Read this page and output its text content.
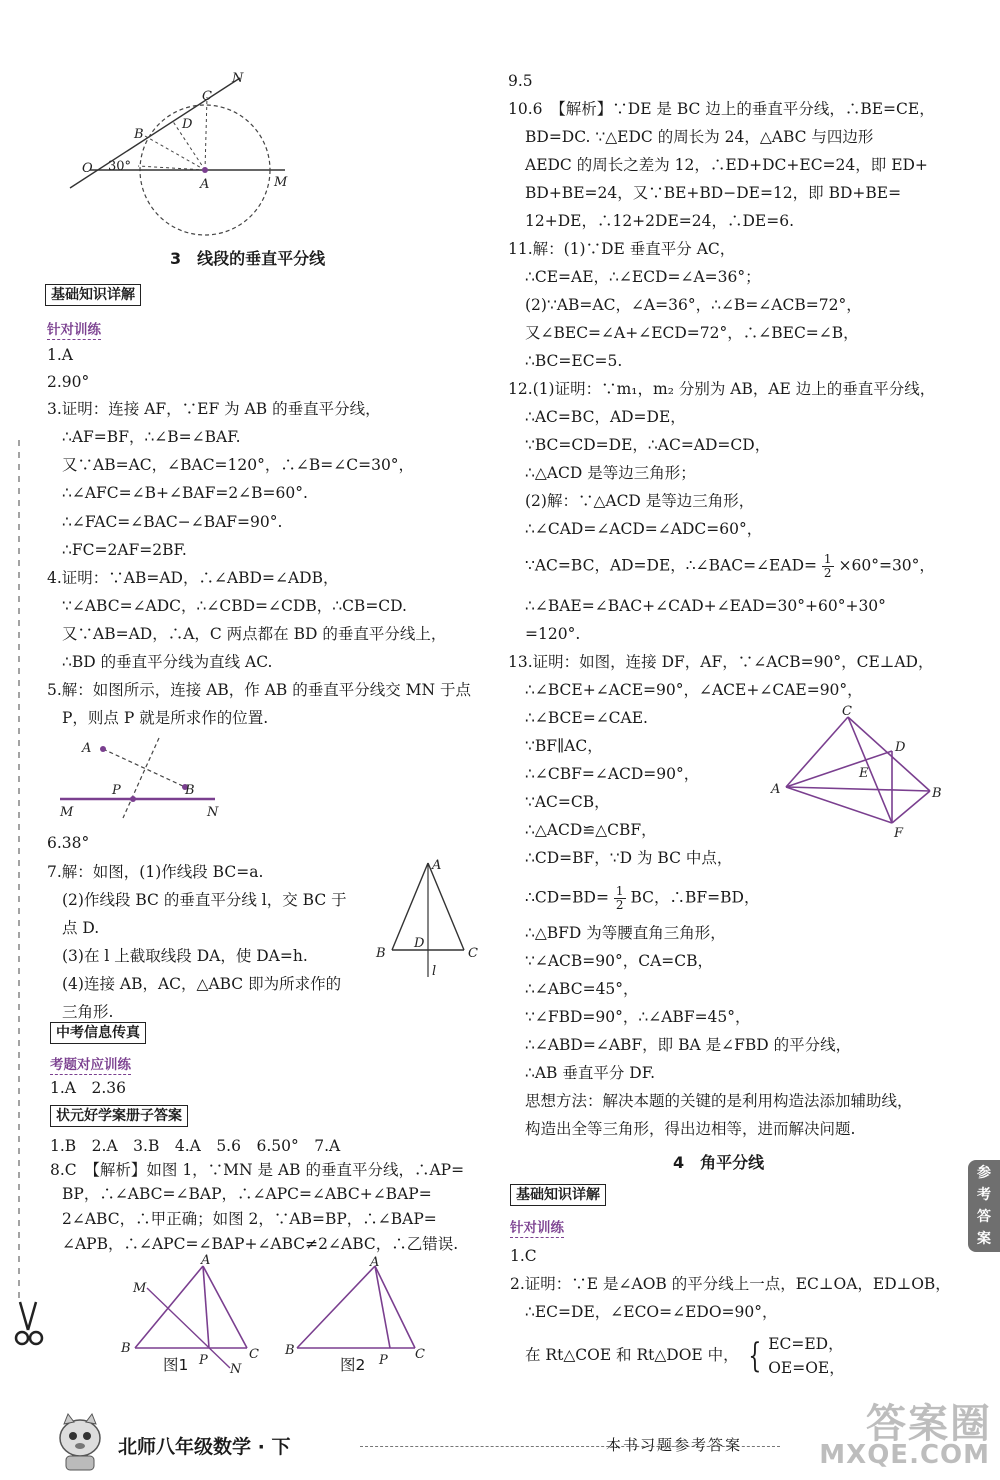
C
N
B
D
O 30°
A	M
3　线段的垂直平分线
基础知识详解
针对训练
1.A
2.90°
3.证明：连接 AF，∵EF 为 AB 的垂直平分线，
∴AF=BF，∴∠B=∠BAF.
又∵AB=AC，∠BAC=120°，∴∠B=∠C=30°，
∴∠AFC=∠B+∠BAF=2∠B=60°.
∴∠FAC=∠BAC−∠BAF=90°.
∴FC=2AF=2BF.
4.证明：∵AB=AD，∴∠ABD=∠ADB，
∵∠ABC=∠ADC，∴∠CBD=∠CDB，∴CB=CD.
又∵AB=AD，∴A，C 两点都在 BD 的垂直平分线上，
∴BD 的垂直平分线为直线 AC.
5.解：如图所示，连接 AB，作 AB 的垂直平分线交 MN 于点
P，则点 P 就是所求作的位置.
A
B
P
M	N
6.38°
7.解：如图，(1)作线段 BC=a.
(2)作线段 BC 的垂直平分线 l，交 BC 于
点 D.
(3)在 l 上截取线段 DA，使 DA=h.
(4)连接 AB，AC，△ABC 即为所求作的
三角形.
A
B	C
D
l
中考信息传真
考题对应训练
1.A　2.36
状元好学案册子答案
1.B　2.A　3.B　4.A　5.6　6.50°　7.A
8.C　【解析】如图 1，∵MN 是 AB 的垂直平分线，∴AP=
BP，∴∠ABC=∠BAP，∴∠APC=∠ABC+∠BAP=
2∠ABC，∴甲正确；如图 2，∵AB=BP，∴∠BAP=
∠APB，∴∠APC=∠BAP+∠ABC≠2∠ABC，∴乙错误.
A
M
B
P	C
N
图1
A
B
P C
图2
9.5
10.6　【解析】∵DE 是 BC 边上的垂直平分线，∴BE=CE，
BD=DC. ∵△EDC 的周长为 24，△ABC 与四边形
AEDC 的周长之差为 12，∴ED+DC+EC=24，即 ED+
BD+BE=24，又∵BE+BD−DE=12，即 BD+BE=
12+DE，∴12+2DE=24，∴DE=6.
11.解：(1)∵DE 垂直平分 AC，
∴CE=AE，∴∠ECD=∠A=36°；
(2)∵AB=AC，∠A=36°，∴∠B=∠ACB=72°，
又∠BEC=∠A+∠ECD=72°，∴∠BEC=∠B，
∴BC=EC=5.
12.(1)证明：∵m₁，m₂ 分别为 AB，AE 边上的垂直平分线，
∴AC=BC，AD=DE，
∵BC=CD=DE，∴AC=AD=CD，
∴△ACD 是等边三角形；
(2)解：∵△ACD 是等边三角形，
∴∠CAD=∠ACD=∠ADC=60°，
∵AC=BC，AD=DE，∴∠BAC=∠EAD= $\frac{1}{2} \times 60^\circ=30^\circ$，
∴∠BAE=∠BAC+∠CAD+∠EAD=30°+60°+30°
=120°.
13.证明：如图，连接 DF，AF，∵∠ACB=90°，CE⊥AD，
∴∠BCE+∠ACE=90°，∠ACE+∠CAE=90°，
∴∠BCE=∠CAE.
∵BF∥AC，
∴∠CBF=∠ACD=90°，
∵AC=CB，
∴△ACD≌△CBF，
∴CD=BF，∵D 为 BC 中点，
C
D
E
A	B
F
∴CD=BD= $\frac{1}{2}$ BC，∴BF=BD，
∴△BFD 为等腰直角三角形，
∵∠ACB=90°，CA=CB，
∴∠ABC=45°，
∵∠FBD=90°，∴∠ABF=45°，
∴∠ABD=∠ABF，即 BA 是∠FBD 的平分线，
∴AB 垂直平分 DF.
思想方法：解决本题的关键的是利用构造法添加辅助线，
构造出全等三角形，得出边相等，进而解决问题.
4　角平分线
基础知识详解
针对训练
1.C
2.证明：∵E 是∠AOB 的平分线上一点，EC⊥OA，ED⊥OB，
∴EC=DE，∠ECO=∠EDO=90°，
在 Rt△COE 和 Rt△DOE 中， { EC=ED，
OE=OE，
参
考
答
案
北师八年级数学 · 下	本书习题参考答案	答案圈
MXQE.COM
